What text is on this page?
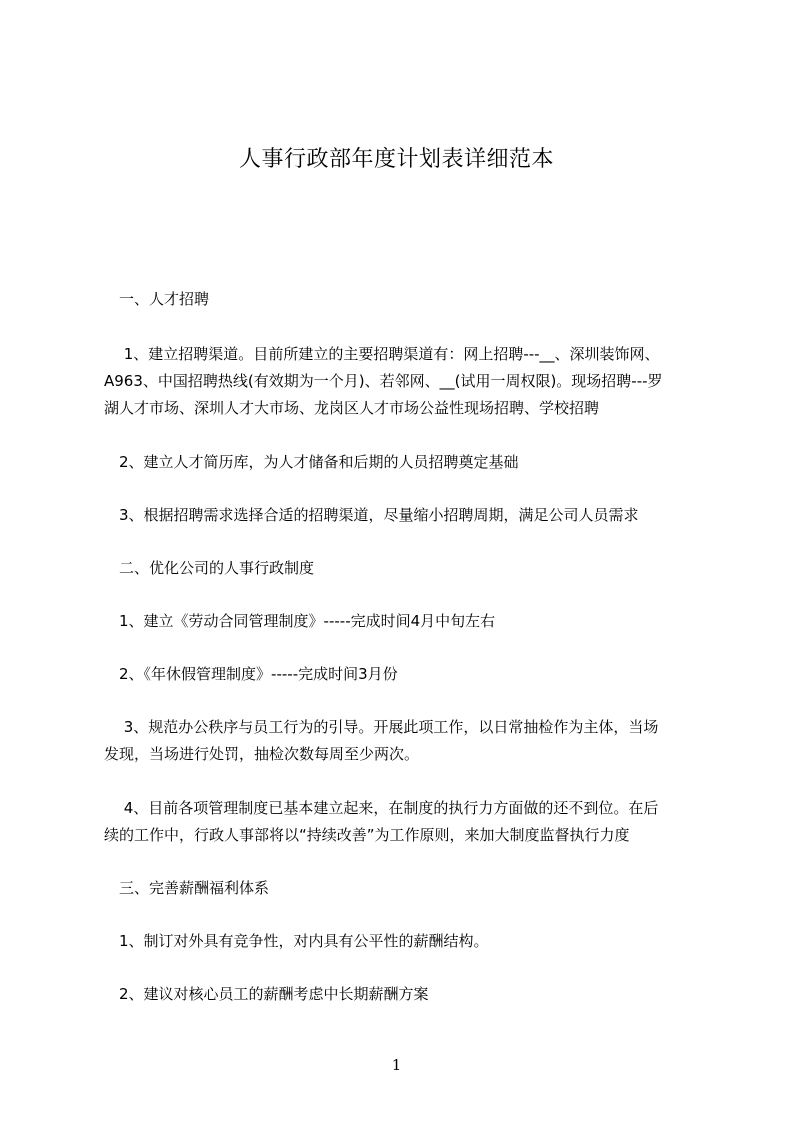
人事行政部年度计划表详细范本
　一、人才招聘
　 1、建立招聘渠道。目前所建立的主要招聘渠道有：网上招聘---__、深圳装饰网、
A963、中国招聘热线(有效期为一个月)、若邻网、__(试用一周权限)。现场招聘---罗
湖人才市场、深圳人才大市场、龙岗区人才市场公益性现场招聘、学校招聘
　2、建立人才简历库，为人才储备和后期的人员招聘奠定基础
　3、根据招聘需求选择合适的招聘渠道，尽量缩小招聘周期，满足公司人员需求
　二、优化公司的人事行政制度
　1、建立《劳动合同管理制度》-----完成时间4月中旬左右
　2、《年休假管理制度》-----完成时间3月份
　 3、规范办公秩序与员工行为的引导。开展此项工作，以日常抽检作为主体，当场
发现，当场进行处罚，抽检次数每周至少两次。
　 4、目前各项管理制度已基本建立起来，在制度的执行力方面做的还不到位。在后
续的工作中，行政人事部将以“持续改善”为工作原则，来加大制度监督执行力度
　三、完善薪酬福利体系
　1、制订对外具有竞争性，对内具有公平性的薪酬结构。
　2、建议对核心员工的薪酬考虑中长期薪酬方案
1
